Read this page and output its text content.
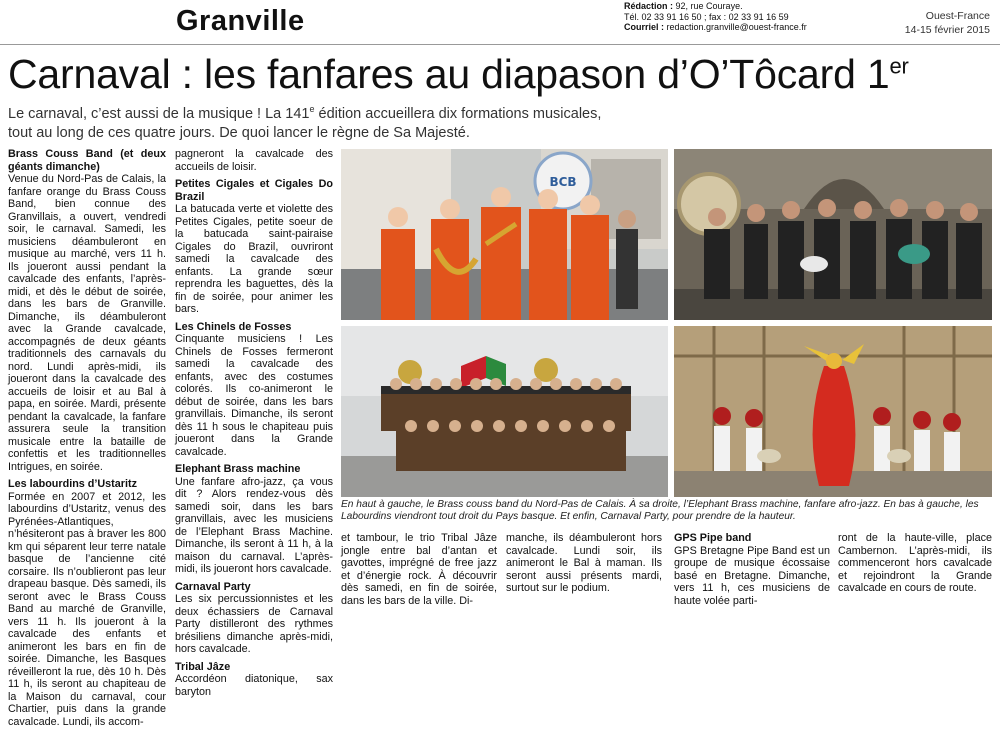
Granville	Rédaction : 92, rue Couraye.
Tél. 02 33 91 16 50 ; fax : 02 33 91 16 59
Courriel : redaction.granville@ouest-france.fr
Ouest-France
14-15 février 2015
Carnaval : les fanfares au diapason d’O’Tôcard 1er
Le carnaval, c’est aussi de la musique ! La 141e édition accueillera dix formations musicales, tout au long de ces quatre jours. De quoi lancer le règne de Sa Majesté.
Brass Couss Band (et deux géants dimanche)

Venue du Nord-Pas de Calais, la fanfare orange du Brass Couss Band, bien connue des Granvillais, a ouvert, vendredi soir, le carnaval. Samedi, les musiciens déambuleront en musique au marché, vers 11 h. Ils joueront aussi pendant la cavalcade des enfants, l’après-midi, et dès le début de soirée, dans les bars de Granville. Dimanche, ils déambuleront avec la Grande cavalcade, accompagnés de deux géants traditionnels des carnavals du nord. Lundi après-midi, ils joueront dans la cavalcade des accueils de loisir et au Bal à papa, en soirée. Mardi, présente pendant la cavalcade, la fanfare assurera seule la transition musicale entre la bataille de confettis et les traditionnelles Intrigues, en soirée.

Les labourdins d’Ustaritz

Formée en 2007 et 2012, les labourdins d’Ustaritz, venus des Pyrénées-Atlantiques, n’hésiteront pas à braver les 800 km qui séparent leur terre natale basque de l’ancienne cité corsaire. Ils n’oublieront pas leur drapeau basque. Dès samedi, ils seront avec le Brass Couss Band au marché de Granville, vers 11 h. Ils joueront à la cavalcade des enfants et animeront les bars en fin de soirée. Dimanche, les Basques réveilleront la rue, dès 10 h. Dès 11 h, ils seront au chapiteau de la Maison du carnaval, cour Chartier, puis dans la grande cavalcade. Lundi, ils accom-

pagneront la cavalcade des accueils de loisir.

Petites Cigales et Cigales Do Brazil

La batucada verte et violette des Petites Cigales, petite soeur de la batucada saint-pairaise Cigales do Brazil, ouvriront samedi la cavalcade des enfants. La grande sœur reprendra les baguettes, dès la fin de soirée, pour animer les bars.

Les Chinels de Fosses

Cinquante musiciens ! Les Chinels de Fosses fermeront samedi la cavalcade des enfants, avec des costumes colorés. Ils co-animeront le début de soirée, dans les bars granvillais. Dimanche, ils seront dès 11 h sous le chapiteau puis joueront dans la Grande cavalcade.

Elephant Brass machine

Une fanfare afro-jazz, ça vous dit ? Alors rendez-vous dès samedi soir, dans les bars granvillais, avec les musiciens de l’Elephant Brass Machine. Dimanche, ils seront à 11 h, à la maison du carnaval. L’après-midi, ils joueront hors cavalcade.

Carnaval Party

Les six percussionnistes et les deux échassiers de Carnaval Party distilleront des rythmes brésiliens dimanche après-midi, hors cavalcade.

Tribal Jâze

Accordéon diatonique, sax baryton

BCB
En haut à gauche, le Brass couss band du Nord-Pas de Calais. À sa droite, l’Elephant Brass machine, fanfare afro-jazz. En bas à gauche, les Labourdins viendront tout droit du Pays basque. Et enfin, Carnaval Party, pour prendre de la hauteur.
et tambour, le trio Tribal Jâze jongle entre bal d’antan et gavottes, imprégné de free jazz et d’énergie rock. À découvrir dès samedi, en fin de soirée, dans les bars de la ville. Di-
manche, ils déambuleront hors cavalcade. Lundi soir, ils animeront le Bal à maman. Ils seront aussi présents mardi, surtout sur le podium.
GPS Pipe band
GPS Bretagne Pipe Band est un groupe de musique écossaise basé en Bretagne. Dimanche, vers 11 h, ces musiciens de haute volée parti-
ront de la haute-ville, place Cambernon. L’après-midi, ils commenceront hors cavalcade et rejoindront la Grande cavalcade en cours de route.
